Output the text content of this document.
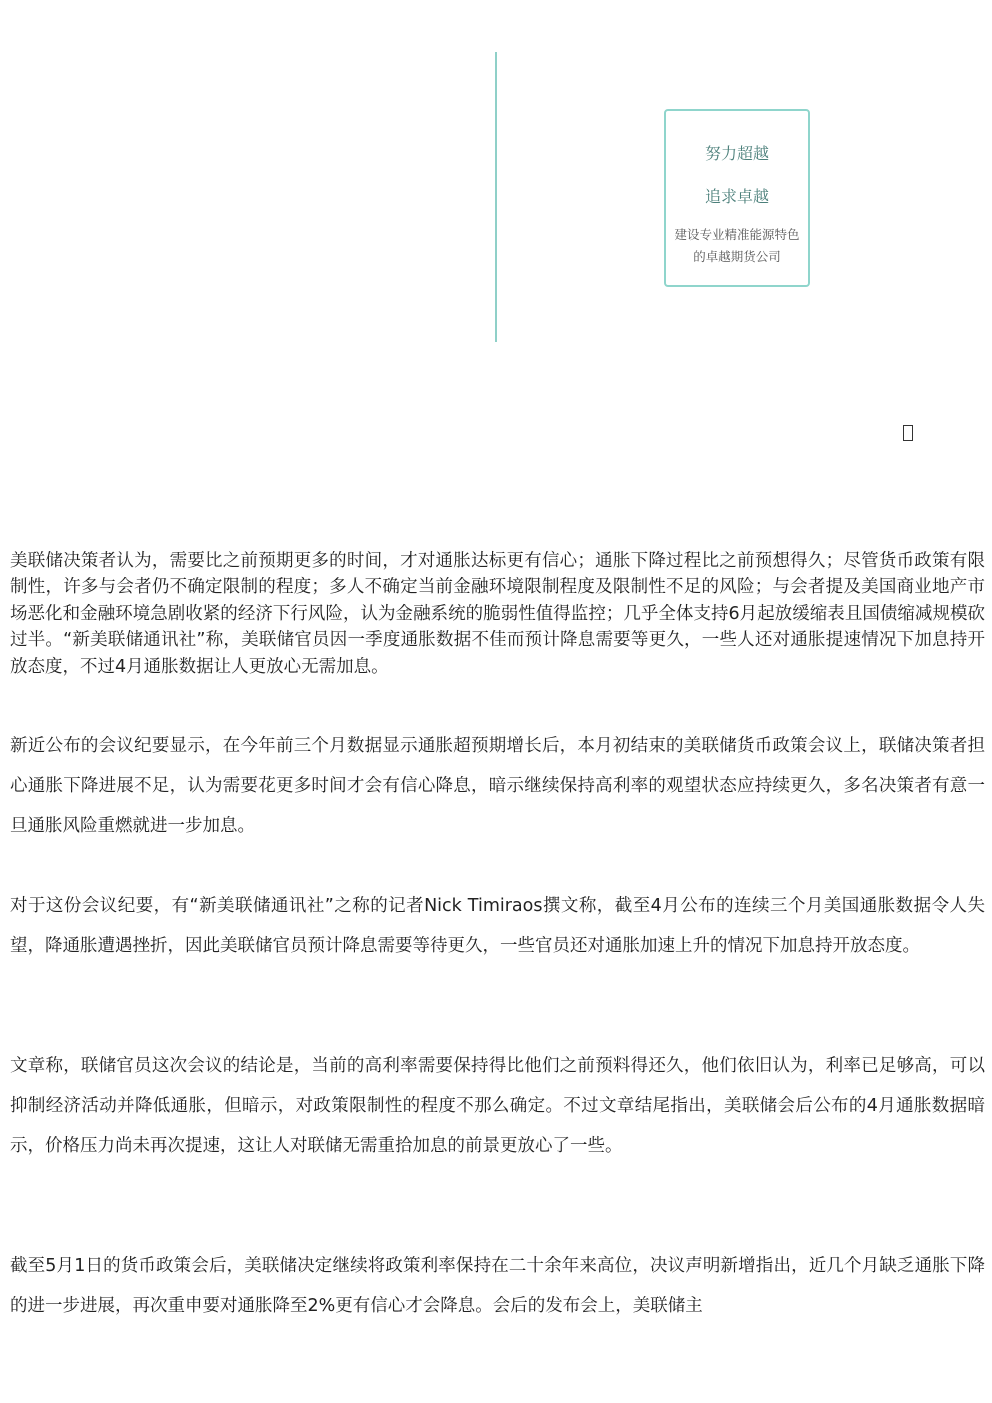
努力超越
追求卓越
建设专业精准能源特色的卓越期货公司

美联储决策者认为，需要比之前预期更多的时间，才对通胀达标更有信心；通胀下降过程比之前预想得久；尽管货币政策有限制性，许多与会者仍不确定限制的程度；多人不确定当前金融环境限制程度及限制性不足的风险；与会者提及美国商业地产市场恶化和金融环境急剧收紧的经济下行风险，认为金融系统的脆弱性值得监控；几乎全体支持6月起放缓缩表且国债缩减规模砍过半。“新美联储通讯社”称，美联储官员因一季度通胀数据不佳而预计降息需要等更久，一些人还对通胀提速情况下加息持开放态度，不过4月通胀数据让人更放心无需加息。

新近公布的会议纪要显示，在今年前三个月数据显示通胀超预期增长后，本月初结束的美联储货币政策会议上，联储决策者担心通胀下降进展不足，认为需要花更多时间才会有信心降息，暗示继续保持高利率的观望状态应持续更久，多名决策者有意一旦通胀风险重燃就进一步加息。

对于这份会议纪要，有“新美联储通讯社”之称的记者Nick Timiraos撰文称，截至4月公布的连续三个月美国通胀数据令人失望，降通胀遭遇挫折，因此美联储官员预计降息需要等待更久，一些官员还对通胀加速上升的情况下加息持开放态度。

文章称，联储官员这次会议的结论是，当前的高利率需要保持得比他们之前预料得还久，他们依旧认为，利率已足够高，可以抑制经济活动并降低通胀，但暗示，对政策限制性的程度不那么确定。不过文章结尾指出，美联储会后公布的4月通胀数据暗示，价格压力尚未再次提速，这让人对联储无需重拾加息的前景更放心了一些。

截至5月1日的货币政策会后，美联储决定继续将政策利率保持在二十余年来高位，决议声明新增指出，近几个月缺乏通胀下降的进一步进展，再次重申要对通胀降至2%更有信心才会降息。会后的发布会上，美联储主
